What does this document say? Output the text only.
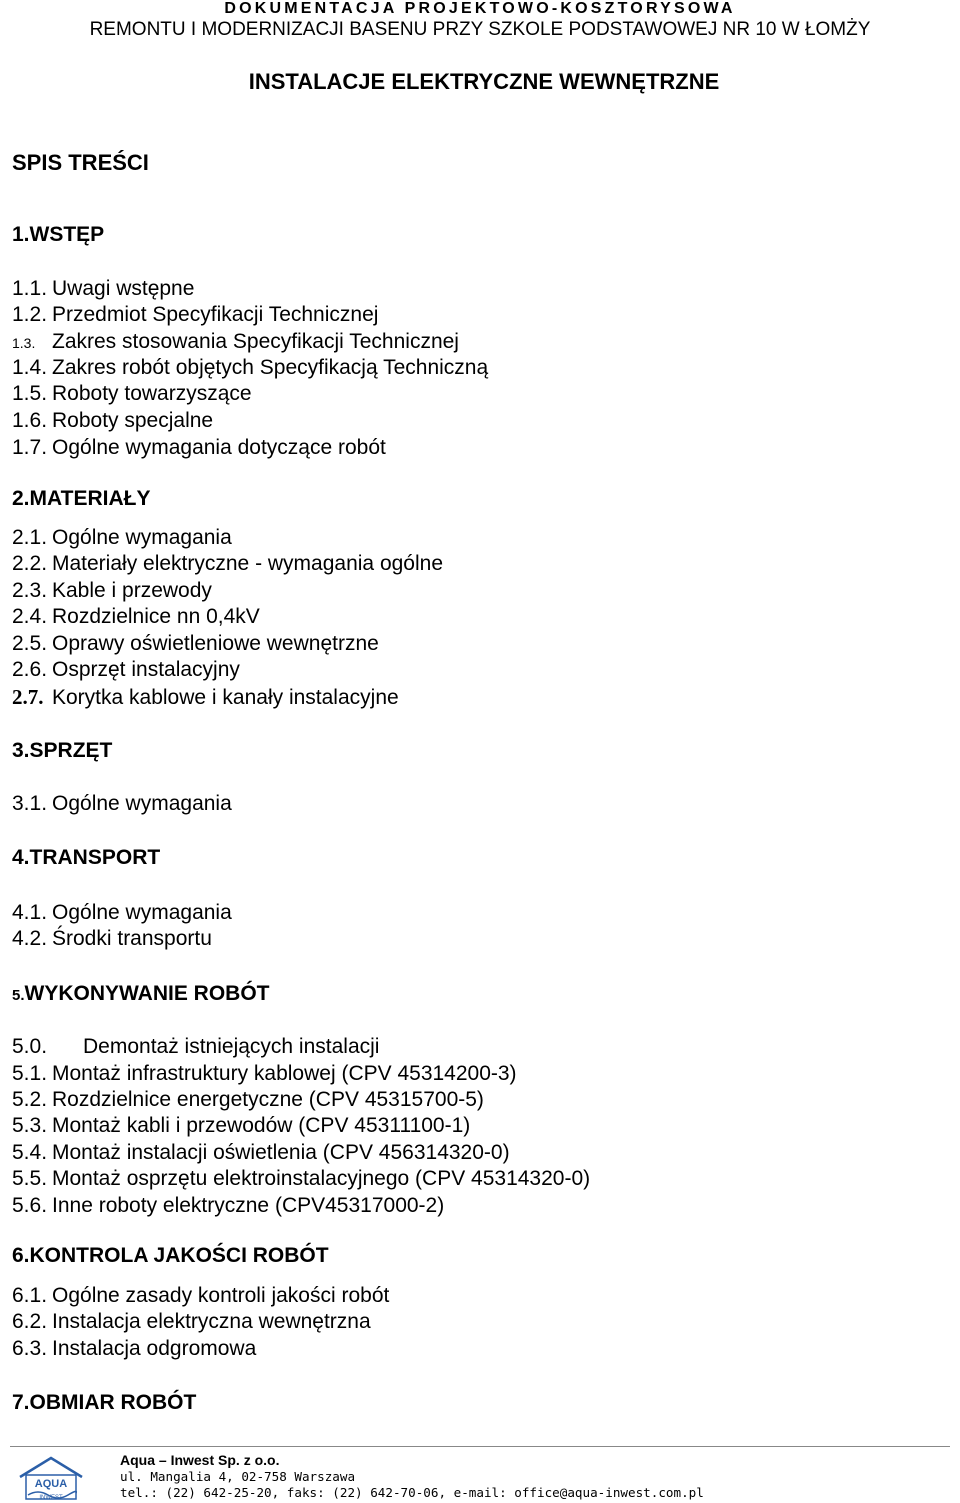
DOKUMENTACJA PROJEKTOWO-KOSZTORYSOWA
REMONTU I MODERNIZACJI BASENU PRZY SZKOLE PODSTAWOWEJ NR 10 W ŁOMŻY
INSTALACJE ELEKTRYCZNE WEWNĘTRZNE
SPIS TREŚCI
1.WSTĘP
1.1. Uwagi wstępne
1.2. Przedmiot Specyfikacji Technicznej
1.3. Zakres stosowania Specyfikacji Technicznej
1.4. Zakres robót objętych Specyfikacją Techniczną
1.5. Roboty towarzyszące
1.6. Roboty specjalne
1.7. Ogólne wymagania dotyczące robót
2.MATERIAŁY
2.1. Ogólne wymagania
2.2. Materiały elektryczne - wymagania ogólne
2.3. Kable i przewody
2.4. Rozdzielnice nn 0,4kV
2.5. Oprawy oświetleniowe wewnętrzne
2.6. Osprzęt instalacyjny
2.7. Korytka kablowe i kanały instalacyjne
3.SPRZĘT
3.1. Ogólne wymagania
4.TRANSPORT
4.1. Ogólne wymagania
4.2. Środki transportu
5.WYKONYWANIE ROBÓT
5.0. Demontaż istniejących instalacji
5.1. Montaż infrastruktury kablowej (CPV 45314200-3)
5.2. Rozdzielnice energetyczne (CPV 45315700-5)
5.3. Montaż kabli i przewodów (CPV 45311100-1)
5.4. Montaż instalacji oświetlenia (CPV 456314320-0)
5.5. Montaż osprzętu elektroinstalacyjnego (CPV 45314320-0)
5.6. Inne roboty elektryczne (CPV45317000-2)
6.KONTROLA JAKOŚCI ROBÓT
6.1. Ogólne zasady kontroli jakości robót
6.2. Instalacja elektryczna wewnętrzna
6.3. Instalacja odgromowa
7.OBMIAR ROBÓT
AQUA
INWEST
Aqua – Inwest Sp. z o.o.
ul. Mangalia 4, 02-758 Warszawa
tel.: (22) 642-25-20, faks: (22) 642-70-06, e-mail: office@aqua-inwest.com.pl
